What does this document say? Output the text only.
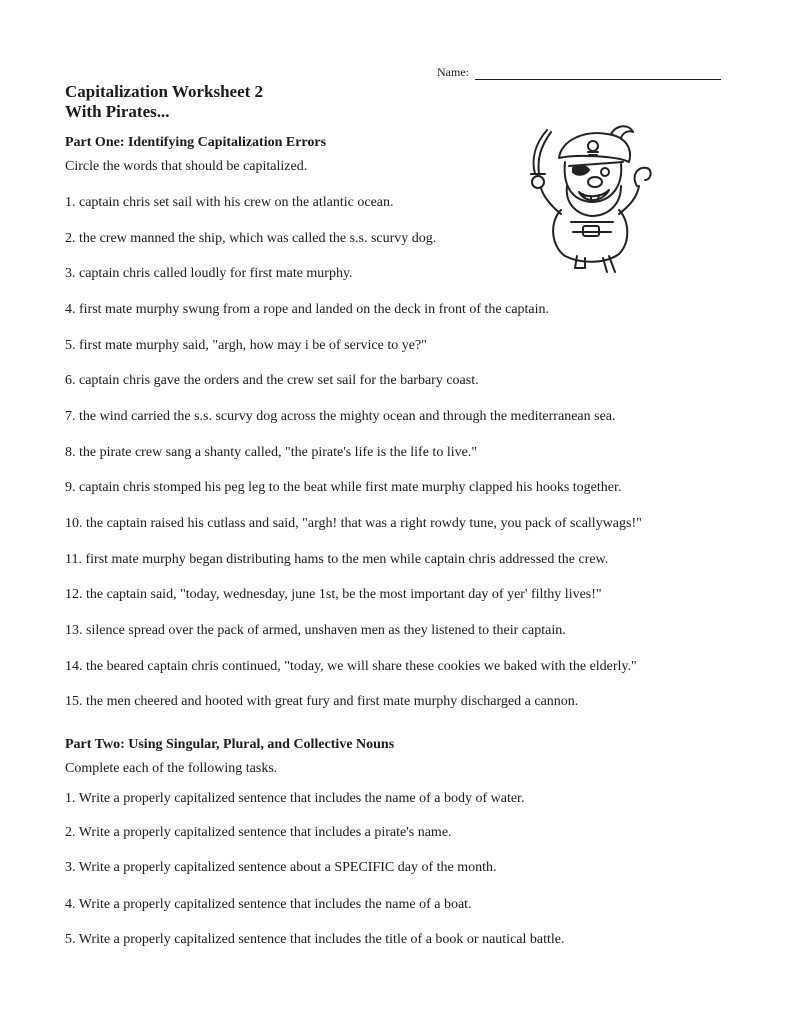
Name:
Capitalization Worksheet 2
With Pirates...
Part One: Identifying Capitalization Errors
Circle the words that should be capitalized.
1. captain chris set sail with his crew on the atlantic ocean.
2. the crew manned the ship, which was called the s.s. scurvy dog.
3. captain chris called loudly for first mate murphy.
4. first mate murphy swung from a rope and landed on the deck in front of the captain.
5. first mate murphy said, "argh, how may i be of service to ye?"
6. captain chris gave the orders and the crew set sail for the barbary coast.
7. the wind carried the s.s. scurvy dog across the mighty ocean and through the mediterranean sea.
8. the pirate crew sang a shanty called, "the pirate's life is the life to live."
9. captain chris stomped his peg leg to the beat while first mate murphy clapped his hooks together.
10. the captain raised his cutlass and said, "argh! that was a right rowdy tune, you pack of scallywags!"
11. first mate murphy began distributing hams to the men while captain chris addressed the crew.
12. the captain said, "today, wednesday, june 1st, be the most important day of yer' filthy lives!"
13. silence spread over the pack of armed, unshaven men as they listened to their captain.
14. the beared captain chris continued, "today, we will share these cookies we baked with the elderly."
15. the men cheered and hooted with great fury and first mate murphy discharged a cannon.
Part Two: Using Singular, Plural, and Collective Nouns
Complete each of the following tasks.
1. Write a properly capitalized sentence that includes the name of a body of water.
2. Write a properly capitalized sentence that includes a pirate's name.
3. Write a properly capitalized sentence about a SPECIFIC day of the month.
4. Write a properly capitalized sentence that includes the name of a boat.
5. Write a properly capitalized sentence that includes the title of a book or nautical battle.
